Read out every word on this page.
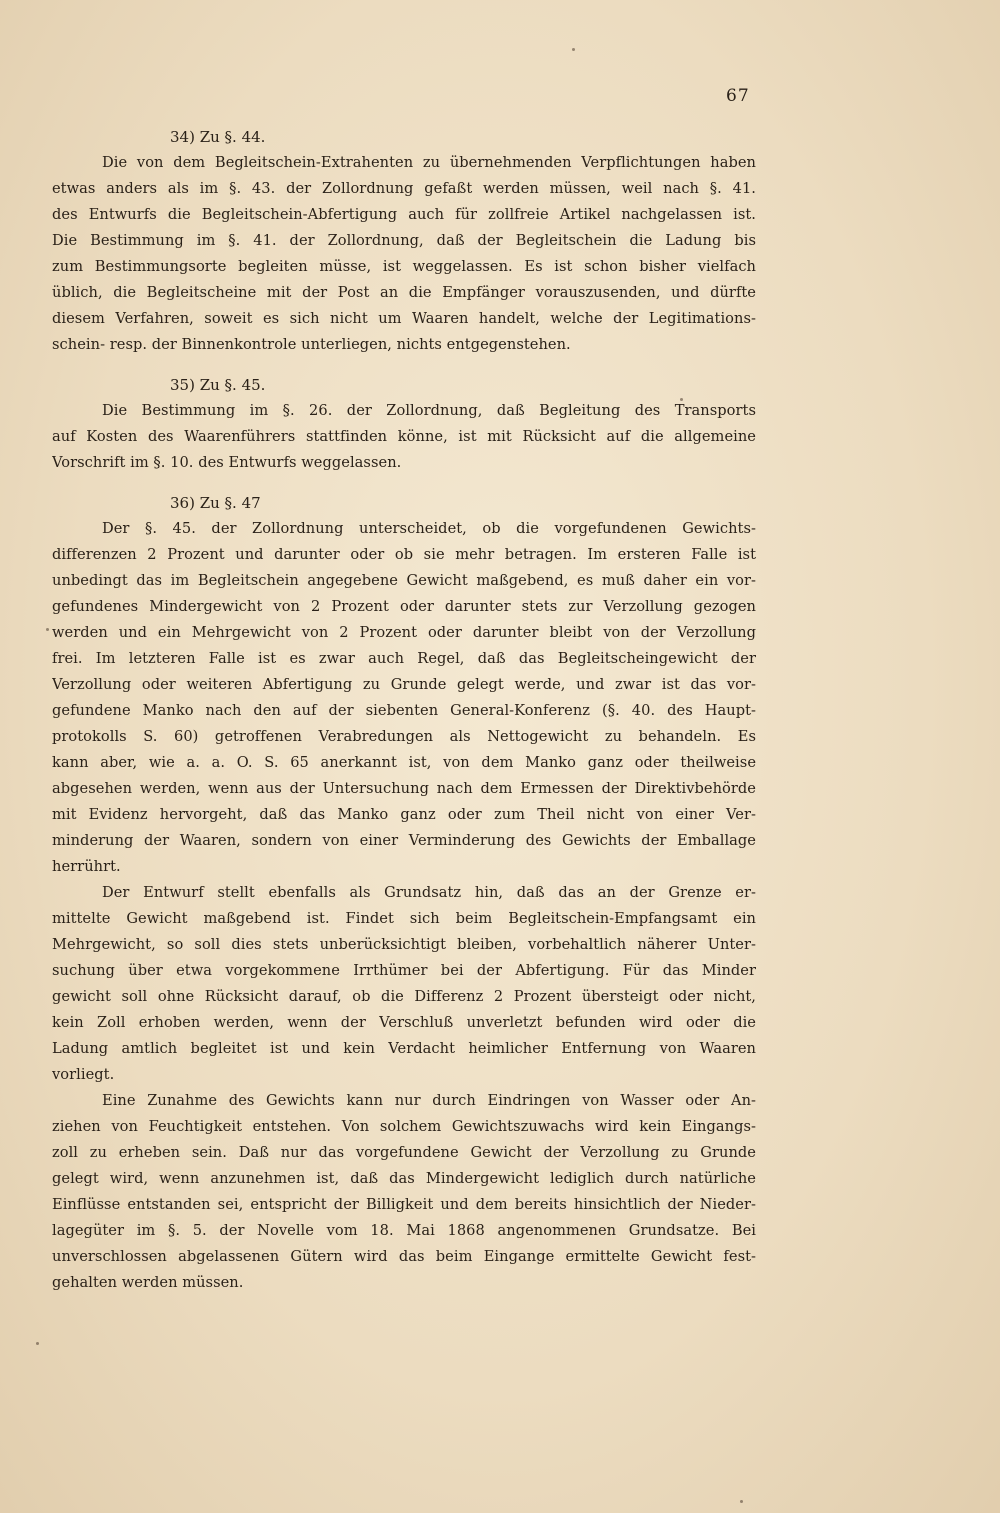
67
34) Zu §. 44.
Die von dem Begleitschein-Extrahenten zu übernehmenden Verpflichtungen haben
etwas anders als im §. 43. der Zollordnung gefaßt werden müssen, weil nach §. 41.
des Entwurfs die Begleitschein-Abfertigung auch für zollfreie Artikel nachgelassen ist.
Die Bestimmung im §. 41. der Zollordnung, daß der Begleitschein die Ladung bis
zum Bestimmungsorte begleiten müsse, ist weggelassen. Es ist schon bisher vielfach
üblich, die Begleitscheine mit der Post an die Empfänger vorauszusenden, und dürfte
diesem Verfahren, soweit es sich nicht um Waaren handelt, welche der Legitimations-
schein- resp. der Binnenkontrole unterliegen, nichts entgegenstehen.
35) Zu §. 45.
Die Bestimmung im §. 26. der Zollordnung, daß Begleitung des Transports
auf Kosten des Waarenführers stattfinden könne, ist mit Rücksicht auf die allgemeine
Vorschrift im §. 10. des Entwurfs weggelassen.
36) Zu §. 47
Der §. 45. der Zollordnung unterscheidet, ob die vorgefundenen Gewichts-
differenzen 2 Prozent und darunter oder ob sie mehr betragen. Im ersteren Falle ist
unbedingt das im Begleitschein angegebene Gewicht maßgebend, es muß daher ein vor-
gefundenes Mindergewicht von 2 Prozent oder darunter stets zur Verzollung gezogen
werden und ein Mehrgewicht von 2 Prozent oder darunter bleibt von der Verzollung
frei. Im letzteren Falle ist es zwar auch Regel, daß das Begleitscheingewicht der
Verzollung oder weiteren Abfertigung zu Grunde gelegt werde, und zwar ist das vor-
gefundene Manko nach den auf der siebenten General-Konferenz (§. 40. des Haupt-
protokolls S. 60) getroffenen Verabredungen als Nettogewicht zu behandeln. Es
kann aber, wie a. a. O. S. 65 anerkannt ist, von dem Manko ganz oder theilweise
abgesehen werden, wenn aus der Untersuchung nach dem Ermessen der Direktivbehörde
mit Evidenz hervorgeht, daß das Manko ganz oder zum Theil nicht von einer Ver-
minderung der Waaren, sondern von einer Verminderung des Gewichts der Emballage
herrührt.
Der Entwurf stellt ebenfalls als Grundsatz hin, daß das an der Grenze er-
mittelte Gewicht maßgebend ist. Findet sich beim Begleitschein-Empfangsamt ein
Mehrgewicht, so soll dies stets unberücksichtigt bleiben, vorbehaltlich näherer Unter-
suchung über etwa vorgekommene Irrthümer bei der Abfertigung. Für das Minder
gewicht soll ohne Rücksicht darauf, ob die Differenz 2 Prozent übersteigt oder nicht,
kein Zoll erhoben werden, wenn der Verschluß unverletzt befunden wird oder die
Ladung amtlich begleitet ist und kein Verdacht heimlicher Entfernung von Waaren
vorliegt.
Eine Zunahme des Gewichts kann nur durch Eindringen von Wasser oder An-
ziehen von Feuchtigkeit entstehen. Von solchem Gewichtszuwachs wird kein Eingangs-
zoll zu erheben sein. Daß nur das vorgefundene Gewicht der Verzollung zu Grunde
gelegt wird, wenn anzunehmen ist, daß das Mindergewicht lediglich durch natürliche
Einflüsse entstanden sei, entspricht der Billigkeit und dem bereits hinsichtlich der Nieder-
lagegüter im §. 5. der Novelle vom 18. Mai 1868 angenommenen Grundsatze. Bei
unverschlossen abgelassenen Gütern wird das beim Eingange ermittelte Gewicht fest-
gehalten werden müssen.
